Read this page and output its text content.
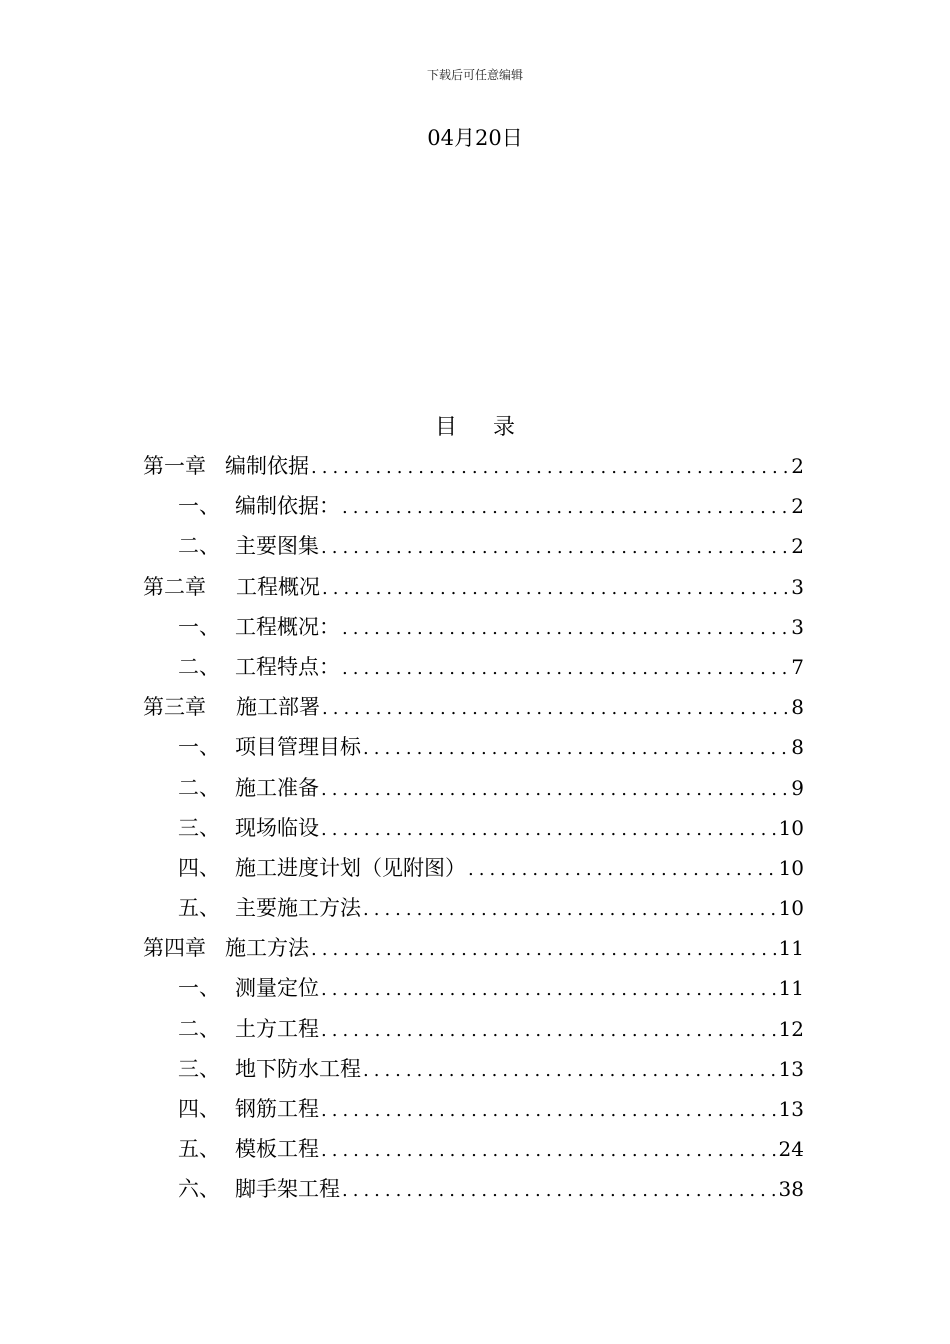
下载后可任意编辑
04月20日
目录
第一章 编制依据 .....	2
一、 编制依据： .....	2
二、 主要图集 .....	2
第二章	工程概况 .....	3
一、 工程概况： .....	3
二、 工程特点： .....	7
第三章	施工部署 .....	8
一、 项目管理目标 .....	8
二、 施工准备 .....	9
三、 现场临设 .....	10
四、 施工进度计划（见附图） .....	10
五、 主要施工方法 .....	10
第四章 施工方法 .....	11
一、 测量定位 .....	11
二、 土方工程 .....	12
三、 地下防水工程 .....	13
四、 钢筋工程 .....	13
五、 模板工程 .....	24
六、 脚手架工程 .....	38
